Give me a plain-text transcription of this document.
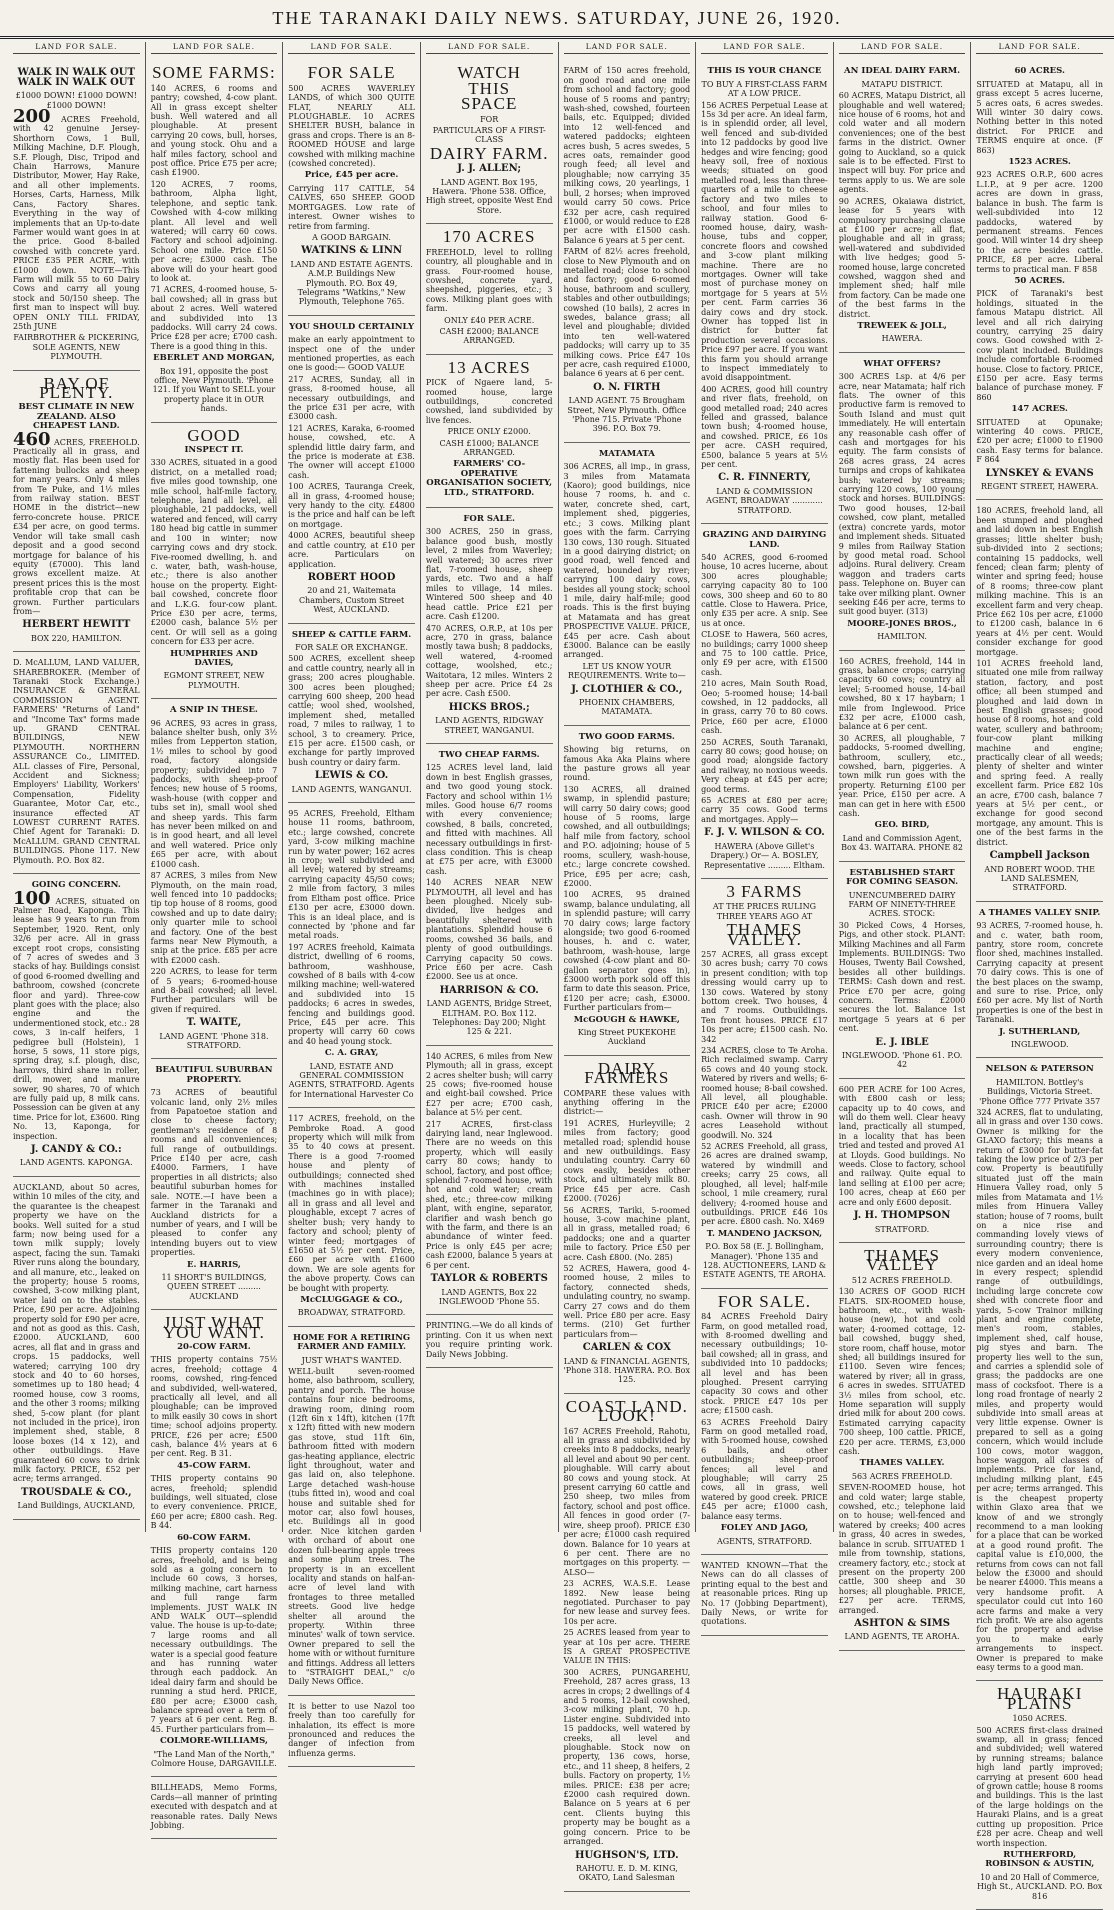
THE TARANAKI DAILY NEWS. SATURDAY, JUNE 26, 1920.
LAND FOR SALE.
WALK IN WALK OUT WALK IN WALK OUT

£1000 DOWN! £1000 DOWN! £1000 DOWN!

200 ACRES Freehold, with 42 genuine Jersey-Shorthorn Cows, 1 Bull, Milking Machine, D.F. Plough, S.F. Plough, Disc, Tripod and Chain Harrows, Manure Distributor, Mower, Hay Rake, and all other implements. Horses, Carts, Harness, Milk Cans, Factory Shares. Everything in the way of implements that an Up-to-date Farmer would want goes in at the price. Good 8-bailed cowshed with concrete yard. PRICE £35 PER ACRE, with £1000 down. NOTE—This Farm will milk 55 to 60 Dairy Cows and carry all young stock and 50/150 sheep. The first man to inspect will buy. OPEN ONLY TILL FRIDAY, 25th JUNE

FAIRBROTHER & PICKERING, SOLE AGENTS, NEW PLYMOUTH.

BAY OF PLENTY.
BEST CLIMATE IN NEW ZEALAND. ALSO CHEAPEST LAND.

460 ACRES, FREEHOLD. Practically all in grass, and mostly flat. Has been used for fattening bullocks and sheep for many years. Only 4 miles from Te Puke, and 1½ miles from railway station. BEST HOME in the district—new ferro-concrete house. PRICE £34 per acre, on good terms. Vendor will take small cash deposit and a good second mortgage for balance of his equity (£7000). This land grows excellent maize. At present prices this is the most profitable crop that can be grown. Further particulars from—

HERBERT HEWITT

BOX 220, HAMILTON.

D. McALLUM, LAND VALUER, SHAREBROKER. (Member of Taranaki Stock Exchange.) INSURANCE & GENERAL COMMISSION AGENT. FARMERS' "Returns of Land" and "Income Tax" forms made up. GRAND CENTRAL BUILDINGS, NEW PLYMOUTH. NORTHERN ASSURANCE Co., LIMITED. ALL classes of Fire, Personal, Accident and Sickness; Employers' Liability, Workers' Compensation, Fidelity Guarantee, Motor Car, etc., insurance effected AT LOWEST CURRENT RATES. Chief Agent for Taranaki: D. McALLUM. GRAND CENTRAL BUILDINGS. Phone 117. New Plymouth. P.O. Box 82.

GOING CONCERN.

100 ACRES, situated on Palmer Road, Kaponga. This lease has 9 years to run from September, 1920. Rent, only 32/6 per acre. All in grass except root crops, consisting of 7 acres of swedes and 3 stacks of hay. Buildings consist of good 6-roomed dwelling and bathroom, cowshed (concrete floor and yard). Three-cow plant goes with the place; also engine and the undermentioned stock, etc.: 28 cows, 3 in-calf heifers, 1 pedigree bull (Holstein), 1 horse, 5 sows, 11 store pigs, spring dray, s.f. plough, disc, harrows, third share in roller, drill, mower, and manure sower, 90 shares, 70 of which are fully paid up, 8 milk cans. Possession can be given at any time. Price for lot, £3600. Ring No. 13, Kaponga, for inspection.

J. CANDY & CO.:

LAND AGENTS. KAPONGA.

AUCKLAND, about 50 acres, within 10 miles of the city, and the quarantee is the cheapest property we have on the books. Well suited for a stud farm; now being used for a town milk supply; lovely aspect, facing the sun. Tamaki River runs along the boundary, and all manure, etc., leaked on the property; house 5 rooms, cowshed, 3-cow milking plant, water laid on to the stables. Price, £90 per acre. Adjoining property sold for £90 per acre, and not as good as this. Cash, £2000. AUCKLAND, 600 acres, all flat and in grass and crops. 15 paddocks, well watered; carrying 100 dry stock and 40 to 60 horses, sometimes up to 180 head; 4 roomed house, cow 3 rooms, and the other 3 rooms; milking shed, 5-cow plant (for plant not included in the price), iron implement shed, stable, 8 loose boxes (14 x 12), and other outbuildings. Have guaranteed 60 cows to drink milk factory. PRICE, £52 per acre; terms arranged.

TROUSDALE & CO.,

Land Buildings, AUCKLAND,

LAND FOR SALE.
SOME FARMS:

140 ACRES, 6 rooms and pantry; cowshed, 4-cow plant. All in grass except shelter bush. Well watered and all ploughable. At present carrying 20 cows, bull, horses, and young stock. Ohu and a half miles factory, school and post office. Price £75 per acre; cash £1900.

120 ACRES, 7 rooms, bathroom, Alpha light, telephone, and septic tank. Cowshed with 4-cow milking plant. All level and well watered; will carry 60 cows. Factory and school adjoining. School one mile. Price £150 per acre; £3000 cash. The above will do your heart good to look at.

71 ACRES, 4-roomed house, 5-bail cowshed; all in grass but about 2 acres. Well watered and subdivided into 13 paddocks. Will carry 24 cows. Price £28 per acre; £700 cash. There is a good thing in this.

EBERLET AND MORGAN,

Box 191, opposite the post office, New Plymouth. 'Phone 121. If you Want to SELL your property place it in OUR hands.

GOOD
INSPECT IT.

330 ACRES, situated in a good district, on a metalled road; five miles good township, one mile school, half-mile factory, telephone, land all level, all ploughable, 21 paddocks, well watered and fenced, will carry 180 head big cattle in summer and 100 in winter; now carrying cows and dry stock. Five-roomed dwelling, h. and c. water, bath, wash-house, etc.; there is also another house on the property. Eight-bail cowshed, concrete floor and L.K.G. four-cow plant. Price £30 per acre, terms, £2000 cash, balance 5½ per cent. Or will sell as a going concern for £33 per acre.

HUMPHRIES AND DAVIES,

EGMONT STREET, NEW PLYMOUTH.

A SNIP IN THESE.

96 ACRES, 93 acres in grass, balance shelter bush, only 3½ miles from Lepperton station, 1½ miles to school by good road, factory alongside property; subdivided into 7 paddocks, with sheep-proof fences; new house of 5 rooms, wash-house (with copper and tubs set in), small wool shed and sheep yards. This farm has never been milked on and is in good heart, and all level and well watered. Price only £65 per acre, with about £1000 cash.

87 ACRES, 3 miles from New Plymouth, on the main road, well fenced into 10 paddocks; tip top house of 8 rooms, good cowshed and up to date dairy; only quarter mile to school and factory. One of the best farms near New Plymouth, a snip at the price. £85 per acre with £2000 cash.

220 ACRES, to lease for term of 5 years; 6-roomed-house and 8-bail cowshed; all level. Further particulars will be given if required.

T. WAITE,

LAND AGENT. 'Phone 318. STRATFORD.

BEAUTIFUL SUBURBAN PROPERTY.

73 ACRES of beautiful volcanic land, only 2½ miles from Papatoetoe station and close to cheese factory; gentleman's residence of 8 rooms and all conveniences; full range of outbuildings. Price £140 per acre, cash £4000. Farmers, I have properties in all districts; also beautiful suburban homes for sale. NOTE.—I have been a farmer in the Taranaki and Auckland districts for a number of years, and I will be pleased to confer any intending buyers out to view properties.

E. HARRIS,

11 SHORT'S BUILDINGS, QUEEN STREET ......... AUCKLAND

JUST WHAT YOU WANT.
20-COW FARM.

THIS property contains 75½ acres, freehold; cottage 4 rooms, cowshed, ring-fenced and subdivided, well-watered, practically all level, and all ploughable; can be improved to milk easily 30 cows in short time; school adjoins property. PRICE, £26 per acre; £500 cash, balance 4½ years at 6 per cent. Reg. B 31.

45-COW FARM.

THIS property contains 90 acres, freehold; splendid buildings, well situated, close to every convenience. PRICE, £60 per acre; £800 cash. Reg. B 44.

60-COW FARM.

THIS property contains 120 acres, freehold, and is being sold as a going concern to include 60 cows, 3 horses, milking machine, cart harness and full range farm implements. JUST WALK IN AND WALK OUT—splendid value. The house is up-to-date; 7 large rooms and all necessary outbuildings. The water is a special good feature and has running water through each paddock. An ideal dairy farm and should be running a stud herd. PRICE, £80 per acre; £3000 cash, balance spread over a term of 7 years at 6 per cent. Reg. B. 45. Further particulars from—

COLMORE-WILLIAMS,

"The Land Man of the North," Colmore House, DARGAVILLE.

BILLHEADS, Memo Forms, Cards—all manner of printing executed with despatch and at reasonable rates. Daily News Jobbing.

LAND FOR SALE.
FOR SALE

500 ACRES WAVERLEY LANDS, of which 300 QUITE FLAT, NEARLY ALL PLOUGHABLE. 10 ACRES SHELTER BUSH, balance in grass and crops. There is an 8-ROOMED HOUSE and large cowshed with milking machine (cowshed concreted).

Price, £45 per acre.

Carrying 117 CATTLE, 54 CALVES, 650 SHEEP. GOOD MORTGAGES. Low rate of interest. Owner wishes to retire from farming.

A GOOD BARGAIN.

WATKINS & LINN

LAND AND ESTATE AGENTS. A.M.P. Buildings New Plymouth. P.O. Box 49, Telegrams "Watkins," New Plymouth, Telephone 765.

YOU SHOULD CERTAINLY

make an early appointment to inspect one of the under mentioned properties, as each one is good:— GOOD VALUE

217 ACRES, Sunday, all in grass, 8-roomed house, all necessary outbuildings, and the price £31 per acre, with £3000 cash.

121 ACRES, Karaka, 6-roomed house, cowshed, etc. A splendid little dairy farm, and the price is moderate at £38. The owner will accept £1000 cash.

100 ACRES, Tauranga Creek, all in grass, 4-roomed house; very handy to the city. £4800 is the price and half can be left on mortgage.

4000 ACRES, beautiful sheep and cattle country, at £10 per acre. Particulars on application.

ROBERT HOOD

20 and 21, Waitemata Chambers, Custom Street West, AUCKLAND.

SHEEP & CATTLE FARM.

FOR SALE OR EXCHANGE.

500 ACRES, excellent sheep and cattle country, nearly all in grass; 200 acres ploughable. 300 acres been ploughed; carrying 600 sheep, 200 head cattle; wool shed, woolshed, implement shed, metalled road, 7 miles to railway, 1 to school, 3 to creamery. Price, £15 per acre. £1500 cash, or exchange for partly improved bush country or dairy farm.

LEWIS & CO.

LAND AGENTS, WANGANUI.

95 ACRES, Freehold, Eltham house 11 rooms, bathroom, etc.; large cowshed, concrete yard, 3-cow milking machine run by water power; 162 acres in crop; well subdivided and all level; watered by streams; carrying capacity 45/50 cows; 2 mile from factory, 3 miles from Eltham post office. Price £130 per acre, £3000 down. This is an ideal place, and is connected by 'phone and far metal roads.

197 ACRES freehold, Kaimata district, dwelling of 6 rooms, bathroom, washhouse, cowshed of 8 bails with 4-cow milking machine; well-watered and subdivided into 15 paddocks; 6 acres in swedes, fencing and buildings good. Price, £45 per acre. This property will carry 60 cows and 40 head young stock.

C. A. GRAY,

LAND, ESTATE AND GENERAL COMMISSION AGENTS, STRATFORD. Agents for International Harvester Co

117 ACRES, freehold, on the Pembroke Road. A good property which will milk from 35 to 40 cows at present. There is a good 7-roomed house and plenty of outbuildings; connected shed with machines installed (machines go in with place); all in grass and all level and ploughable, except 7 acres of shelter bush; very handy to factory and school; plenty of winter feed; mortgages of £1650 at 5½ per cent. Price, £60 per acre with £1600 down. We are sole agents for the above property. Cows can be bought with property.

McCLUGGAGE & CO.,

BROADWAY, STRATFORD.

HOME FOR A RETIRING FARMER AND FAMILY.

JUST WHAT'S WANTED.

WELL-built seven-roomed home, also bathroom, scullery, pantry and porch. The house contains four nice bedrooms, drawing room, dining room (12ft 6in x 14ft), kitchen (17ft x 12ft) fitted with new modern gas stove, stud 11ft 6in, bathroom fitted with modern gas-heating appliance, electric light throughout, water and gas laid on, also telephone. Large detached wash-house (tubs fitted in), wood and coal house and suitable shed for motor car, also fowl houses, etc. Buildings all in good order. Nice kitchen garden with orchard of about one dozen full-bearing apple trees and some plum trees. The property is in an excellent locality and stands on half-an-acre of level land with frontages to three metalled streets. Good live hedge shelter all around the property. Within three minutes' walk of town service. Owner prepared to sell the home with or without furniture and fittings. Address all letters to "STRAIGHT DEAL," c/o Daily News Office.

It is better to use Nazol too freely than too carefully for inhalation, its effect is more pronounced and reduces the danger of infection from influenza germs.

LAND FOR SALE.
WATCH
THIS
SPACE

FOR

PARTICULARS OF A FIRST-CLASS

DAIRY FARM.
J. J. ALLEN;

LAND AGENT. Box 195, Hawera. 'Phone 538. Office, High street, opposite West End Store.

170 ACRES

FREEHOLD, level to rolling country, all ploughable and in grass. Four-roomed house, cowshed, concrete yard, sheepshed, piggeries, etc.; 3 cows. Milking plant goes with farm.

ONLY £40 PER ACRE.

CASH £2000; BALANCE ARRANGED.

13 ACRES

PICK of Ngaere land, 5-roomed house, large outbuildings, concreted cowshed, land subdivided by live fences.

PRICE ONLY £2000.

CASH £1000; BALANCE ARRANGED.

FARMERS' CO-OPERATIVE ORGANISATION SOCIETY, LTD., STRATFORD.
FOR SALE.

300 ACRES, 250 in grass, balance good bush, mostly level, 2 miles from Waverley; well watered; 30 acres river flat, 7-roomed house, sheep yards, etc. Two and a half miles to village, 14 miles. Wintered 500 sheep and 40 head cattle. Price £21 per acre. Cash £1200.

470 ACRES, O.R.P., at 10s per acre, 270 in grass, balance mostly tawa bush; 8 paddocks, well watered, 4-roomed cottage, woolshed, etc.; Waitotara, 12 miles. Winters 2 sheep per acre. Price £4 2s per acre. Cash £500.

HICKS BROS.;

LAND AGENTS, RIDGWAY STREET, WANGANUI.

TWO CHEAP FARMS.

125 ACRES level land, laid down in best English grasses, and two good young stock. Factory and school within 1½ miles. Good house 6/7 rooms with every convenience; cowshed, 8 bails, concreted, and fitted with machines. All necessary outbuildings in first-class condition. This is cheap at £75 per acre, with £3000 cash.

140 ACRES NEAR NEW PLYMOUTH, all level and has been ploughed. Nicely sub-divided, live hedges and beautifully sheltered with plantations. Splendid house 6 rooms, cowshed 36 bails, and plenty of good outbuildings. Carrying capacity 50 cows. Price £60 per acre. Cash £2000. See us at once.

HARRISON & CO.

LAND AGENTS, Bridge Street, ELTHAM. P.O. Box 112. Telephones: Day 200; Night 125 & 221.

140 ACRES, 6 miles from New Plymouth; all in grass, except 2 acres shelter bush; will carry 25 cows; five-roomed house and eight-bail cowshed. Price £27 per acre; £700 cash, balance at 5½ per cent.

217 ACRES, first-class dairying land, near Inglewood. There are no weeds on this property, which will easily carry 80 cows; handy to school, factory, and post office; splendid 7-roomed house, with hot and cold water; cream shed, etc.; three-cow milking plant, with engine, separator, clarifier and wash bench go with the farm, and there is an abundance of winter feed. Price is only £45 per acre; cash £2000, balance 5 years at 6 per cent.

TAYLOR & ROBERTS

LAND AGENTS, Box 22 INGLEWOOD 'Phone 55.

PRINTING.—We do all kinds of printing. Con it us when next you require printing work. Daily News Jobbing.

LAND FOR SALE.

FARM of 150 acres freehold, on good road and one mile from school and factory; good house of 5 rooms and pantry; wash-shed, cowshed, fourteen bails, etc. Equipped; divided into 12 well-fenced and watered paddocks; eighteen acres bush, 5 acres swedes, 5 acres oats, remainder good rough feed; all level and ploughable; now carrying 35 milking cows, 20 yearlings, 1 bull, 2 horses; when improved would carry 50 cows. Price £32 per acre, cash required £1000, or would reduce to £28 per acre with £1500 cash. Balance 6 years at 5 per cent.

FARM of 82½ acres freehold, close to New Plymouth and on metalled road; close to school and factory; good 6-roomed house, bathroom and scullery, stables and other outbuildings; cowshed (10 bails), 2 acres in swedes, balance grass; all level and ploughable; divided into ten well-watered paddocks; will carry up to 35 milking cows. Price £47 10s per acre, cash required £1000, balance 6 years at 6 per cent.

O. N. FIRTH

LAND AGENT. 75 Brougham Street, New Plymouth. Office 'Phone 715. Private 'Phone 396. P.O. Box 79.

MATAMATA

306 ACRES, all imp., in grass, 3 miles from Matamata (Kaoro); good buildings, nice house 7 rooms, h. and c. water, concrete shed, cart, implement shed, piggeries, etc.; 3 cows. Milking plant goes with the farm. Carrying 130 cows, 130 rough. Situated in a good dairying district; on good road, well fenced and watered, bounded by river; carrying 100 dairy cows, besides all young stock; school 1 mile, dairy half-mile; good roads. This is the first buying at Matamata and has great PROSPECTIVE VALUE. PRICE, £45 per acre. Cash about £3000. Balance can be easily arranged.

LET US KNOW YOUR REQUIREMENTS. Write to—

J. CLOTHIER & CO.,

PHOENIX CHAMBERS, MATAMATA.

TWO GOOD FARMS.

Showing big returns, on famous Aka Aka Plains where the pasture grows all year round.

130 ACRES, all drained swamp, in splendid pasture; will carry 50 dairy cows; good house of 5 rooms, large cowshed, and all outbuildings; half mile from factory, school and P.O. adjoining; house of 5 rooms, scullery, wash-house, etc.; large concrete cowshed. Price, £95 per acre; cash, £2000.

100 ACRES, 95 drained swamp, balance undulating, all in splendid pasture; will carry 70 dairy cows; large factory alongside; two good 6-roomed houses, h. and c. water, bathroom, wash-house, large cowshed (4-cow plant and 80-gallon separator goes in), £3000 worth pork sold off this farm to date this season. Price, £120 per acre; cash, £3000. Further particulars from—

McGOUGH & HAWKE,

King Street PUKEKOHE Auckland

DAIRY FARMERS

COMPARE these values with anything offering in the district:—

191 ACRES, Hurleyville; 2 miles from factory; good metalled road; splendid house and new outbuildings. Easy undulating country. Carry 60 cows easily, besides other stock, and ultimately milk 80. Price £45 per acre. Cash £2000. (7026)

56 ACRES, Tariki, 5-roomed house, 3-cow machine plant, all in grass, metalled road; 6 paddocks; one and a quarter mile to factory. Price £50 per acre. Cash £800. (No. 285)

52 ACRES, Hawera, good 4-roomed house, 2 miles to factory, connected sheds, undulating country, no swamp. Carry 27 cows and do them well. Price £80 per acre. Easy terms. (210) Get further particulars from—

CARLEN & COX

LAND & FINANCIAL AGENTS, 'Phone 318. HAWERA. P.O. Box 125.

COAST LAND. LOOK!

167 ACRES Freehold, Rahotu, all in grass and subdivided by creeks into 8 paddocks, nearly all level and about 90 per cent. ploughable. Will carry about 80 cows and young stock. At present carrying 60 cattle and 250 sheep, two miles from factory, school and post office. All fences in good order (7-wire, sheep proof). PRICE £30 per acre; £1000 cash required down. Balance for 10 years at 6 per cent. There are no mortgages on this property. —ALSO—

23 ACRES, W.A.S.E. Lease 1892. New lease being negotiated. Purchaser to pay for new lease and survey fees. 10s per acre.

25 ACRES leased from year to year at 10s per acre. THERE IS A GREAT PROSPECTIVE VALUE IN THIS:

300 ACRES, PUNGAREHU, Freehold, 287 acres grass, 13 acres in crops; 2 dwellings of 4 and 5 rooms, 12-bail cowshed, 3-cow milking plant, 70 h.p. Lister engine. Subdivided into 15 paddocks, well watered by creeks, all level and ploughable. Stock now on property, 136 cows, horse, etc., and 11 sheep, 8 heifers, 2 bulls. Factory on property, 1½ miles. PRICE: £38 per acre; £2000 cash required down. Balance on 5 years at 6 per cent. Clients buying this property may be bought as a going concern. Price to be arranged.

HUGHSON'S, LTD.

RAHOTU. E. D. M. KING, OKATO, Land Salesman

LAND FOR SALE.
THIS IS YOUR CHANCE

TO BUY A FIRST-CLASS FARM AT A LOW PRICE.

156 ACRES Perpetual Lease at 15s 3d per acre. An ideal farm, is in splendid order, all level, well fenced and sub-divided into 12 paddocks by good live hedges and wire fencing; good heavy soil, free of noxious weeds; situated on good metalled road, less than three-quarters of a mile to cheese factory and two miles to school, and four miles to railway station. Good 6-roomed house, dairy, wash-house, tubs and copper, concrete floors and cowshed and 3-cow plant milking machine. There are no mortgages. Owner will take most of purchase money on mortgage for 5 years at 5½ per cent. Farm carries 36 dairy cows and dry stock. Owner has topped list in district for butter fat production several occasions. Price £97 per acre. If you want this farm you should arrange to inspect immediately to avoid disappointment.

400 ACRES, good hill country and river flats, freehold, on good metalled road; 240 acres felled and grassed, balance town bush; 4-roomed house, and cowshed. PRICE, £6 10s per acre. CASH required, £500, balance 5 years at 5½ per cent.

C. R. FINNERTY,

LAND & COMMISSION AGENT, BROADWAY ............ STRATFORD.

GRAZING AND DAIRYING LAND.

540 ACRES, good 6-roomed house, 10 acres lucerne, about 300 acres ploughable; carrying capacity 80 to 100 cows, 300 sheep and 60 to 80 cattle. Close to Hawera. Price, only £35 per acre. A snip. See us at once.

CLOSE to Hawera, 560 acres, no buildings; carry 1000 sheep and 75 to 100 cattle. Price, only £9 per acre, with £1500 cash.

210 acres, Main South Road, Oeo; 5-roomed house; 14-bail cowshed, in 12 paddocks, all in grass, carry 70 to 80 cows. Price, £60 per acre, £1000 cash.

250 ACRES, South Taranaki, carry 80 cows; good house; on good road; alongside factory and railway, no noxious weeds. Very cheap at £45 per acre; good terms.

65 ACRES at £80 per acre; carry 35 cows. Good terms and mortgages. Apply—

F. J. V. WILSON & CO.

HAWERA (Above Gillet's Drapery.) Or— A. BOSLEY, Representative ......... Eltham.

3 FARMS

AT THE PRICES RULING THREE YEARS AGO AT

THAMES VALLEY.

257 ACRES, all grass except 30 acres bush; carry 70 cows in present condition; with top dressing would carry up to 130 cows. Watered by stony bottom creek. Two houses, 4 and 7 rooms. Outbuildings. Ten front houses. PRICE £17 10s per acre; £1500 cash. No. 342

234 ACRES, close to Te Aroha. Rich reclaimed swamp. Carry 65 cows and 40 young stock. Watered by rivers and wells; 6-roomed house; 8-bail cowshed. All level, all ploughable. PRICE £40 per acre; £2000 cash. Owner will throw in 90 acres Leasehold without goodwill. No. 324

52 ACRES Freehold, all grass, 26 acres are drained swamp, watered by windmill and creeks; carry 25 cows, all ploughed, all level; half-mile school, 1 mile creamery, rural delivery; 4-roomed house and outbuildings. PRICE £46 10s per acre. £800 cash. No. X469

T. MANDENO JACKSON,

P.O. Box 58 (E. J. Bollingham, Manager). 'Phone 135 and 128. AUCTIONEERS, LAND & ESTATE AGENTS, TE AROHA.

FOR SALE.

84 ACRES Freehold Dairy Farm, on good metalled road, with 8-roomed dwelling and necessary outbuildings; 10-bail cowshed; all in grass, and subdivided into 10 paddocks; all level and has been ploughed. Present carrying capacity 30 cows and other stock. PRICE £47 10s per acre; £1500 cash.

63 ACRES Freehold Dairy Farm on good metalled road, with 5-roomed house, cowshed 6 bails, and other outbuildings; sheep-proof fences; all level and ploughable; will carry 25 cows, all in grass, well watered by good creek. PRICE £45 per acre; £1000 cash, balance easy terms.

FOLEY AND JAGO,

AGENTS, STRATFORD.

WANTED KNOWN—That the News can do all classes of printing equal to the best and at reasonable prices. Ring up No. 17 (Jobbing Department), Daily News, or write for quotations.

LAND FOR SALE.
AN IDEAL DAIRY FARM.

MATAPU DISTRICT.

60 ACRES, Matapu District, all ploughable and well watered; nice house of 6 rooms, hot and cold water and all modern conveniences; one of the best farms in the district. Owner going to Auckland, so a quick sale is to be effected. First to inspect will buy. For price and terms apply to us. We are sole agents.

90 ACRES, Okaiawa district, lease for 5 years with compulsory purchasing clause at £100 per acre; all flat, ploughable and all in grass; well-watered and subdivided with live hedges; good 5-roomed house, large concreted cowshed, waggon shed and implement shed; half mile from factory. Can be made one of the best farms in the district.

TREWEEK & JOLL,

HAWERA.

WHAT OFFERS?

300 ACRES Lsp. at 4/6 per acre, near Matamata; half rich flats. The owner of this productive farm is removed to South Island and must quit immediately. He will entertain any reasonable cash offer of cash and mortgages for his equity. The farm consists of 268 acres grass, 24 acres turnips and crops of kahikatea bush; watered by streams; carrying 120 cows, 100 young stock and horses. BUILDINGS: Two good houses, 12-bail cowshed, cow plant, metalled (extra) concrete yards, motor and implement sheds. Situated 9 miles from Railway Station by good metal road. School adjoins. Rural delivery. Cream waggon and traders carts pass. Telephone on. Buyer can take over milking plant. Owner seeking £46 per acre, terms to suit good buyer. (313)

MOORE-JONES BROS.,

HAMILTON.

160 ACRES, freehold, 144 in grass, balance crops; carrying capacity 60 cows; country all level; 5-roomed house, 14-bail cowshed, 80 x 17 haybarn; 1 mile from Inglewood. Price £32 per acre, £1000 cash, balance at 6 per cent.

30 ACRES, all ploughable, 7 paddocks, 5-roomed dwelling, bathroom, scullery, etc., cowshed, barn, piggeries. A town milk run goes with the property. Returning £100 per year. Price, £150 per acre. A man can get in here with £500 cash.

GEO. BIRD,

Land and Commission Agent, Box 43. WAITARA. PHONE 82

ESTABLISHED START FOR COMING SEASON.

UNENCUMBERED DAIRY FARM OF NINETY-THREE ACRES. STOCK:

30 Picked Cows, 4 Horses, Pigs, and other stock. PLANT: Milking Machines and all Farm Implements. BUILDINGS: Two Houses, Twenty Bail Cowshed, besides all other buildings. TERMS: Cash down and rest. Price £70 per acre, going concern. Terms: £2000 secures the lot. Balance 1st mortgage 5 years at 6 per cent.

E. J. IBLE

INGLEWOOD. 'Phone 61. P.O. 42

600 PER ACRE for 100 Acres, with £800 cash or less; capacity up to 40 cows, and will do them well. Clear heavy land, practically all stumped, in a locality that has been tried and tested and proved A1 at Lloyds. Good buildings. No weeds. Close to factory, school and railway. Quite equal to land selling at £100 per acre; 100 acres, cheap at £60 per acre and only £600 deposit.

J. H. THOMPSON

STRATFORD.

THAMES VALLEY

512 ACRES FREEHOLD.

130 ACRES OF GOOD RICH FLATS. SIX-ROOMED house, bathroom, etc., with wash-house (new), hot and cold water; 4-roomed cottage, 12-bail cowshed, buggy shed, store room, chaff house, motor shed; all buildings insured for £1100. Seven wire fences; watered by river; all in grass, 6 acres in swedes. SITUATED 3½ miles from school, etc. Home separation will supply dried milk for about 200 cows. Estimated carrying capacity 700 sheep, 100 cattle. PRICE, £20 per acre. TERMS, £3,000 cash.

THAMES VALLEY.

563 ACRES FREEHOLD.

SEVEN-ROOMED house, hot and cold water; large stable, cowshed, etc.; telephone laid on to house; well-fenced and watered by creeks; 400 acres in grass, 40 acres in swedes, balance in scrub. SITUATED 1 mile from township, stations, creamery factory, etc.; stock at present on the property 200 cattle, 300 sheep and 30 horses; all ploughable. PRICE, £27 per acre. TERMS, arranged.

ASHTON & SIMS

LAND AGENTS, TE AROHA.

LAND FOR SALE.
60 ACRES.

SITUATED at Matapu, all in grass except 5 acres lucerne, 5 acres oats, 6 acres swedes. Will winter 30 dairy cows. Nothing better in this noted district. For PRICE and TERMS enquire at once. (F 863)

1523 ACRES.

923 ACRES O.R.P., 600 acres L.I.P., at 9 per acre. 1200 acres are down in grass, balance in bush. The farm is well-subdivided into 12 paddocks, watered by permanent streams. Fences good. Will winter 14 dry sheep to the acre besides cattle. PRICE, £8 per acre. Liberal terms to practical man. F 858

50 ACRES.

PICK of Taranaki's best holdings, situated in the famous Matapu district. All level and all rich dairying country, carrying 25 dairy cows. Good cowshed with 2-cow plant included. Buildings include comfortable 6-roomed house. Close to factory. PRICE, £150 per acre. Easy terms balance of purchase money. F 860

147 ACRES.

SITUATED at Opunake; wintering 40 cows. PRICE, £20 per acre; £1000 to £1900 cash. Easy terms for balance. F 864

LYNSKEY & EVANS

REGENT STREET, HAWERA.

180 ACRES, freehold land, all been stumped and ploughed and laid down in best English grasses; little shelter bush; sub-divided into 2 sections; containing 15 paddocks, well fenced; clean farm; plenty of winter and spring feed; house of 8 rooms; three-cow plant milking machine. This is an excellent farm and very cheap. Price £62 10s per acre, £1000 to £1200 cash, balance in 6 years at 4½ per cent. Would consider exchange for good mortgage.

101 ACRES freehold land, situated one mile from railway station, factory, and post office; all been stumped and ploughed and laid down in best English grasses; good house of 8 rooms, hot and cold water, scullery and bathroom; four-cow plant milking machine and engine; practically clear of all weeds; plenty of shelter and winter and spring feed. A really excellent farm. Price £82 10s an acre, £700 cash, balance 7 years at 5½ per cent., or exchange for good second mortgage, any amount. This is one of the best farms in the district.

Campbell Jackson

AND ROBERT WOOD. THE LAND SALESMEN, STRATFORD.

A THAMES VALLEY SNIP.

93 ACRES, 7-roomed house, h. and c. water, bath room, pantry, store room, concrete floor shed, machines installed. Carrying capacity at present 70 dairy cows. This is one of the best places on the swamp, and sure to rise. Price, only £60 per acre. My list of North properties is one of the best in Taranaki.

J. SUTHERLAND,

INGLEWOOD.

NELSON & PATERSON

HAMILTON. Bottley's Buildings, Victoria Street. 'Phone Office 777 Private 357

324 ACRES, flat to undulating, all in grass and over 130 cows. Owner is milking for the GLAXO factory; this means a return of £3000 for butter-fat taking the low price of 2/3 per cow. Property is beautifully situated just off the main Hinuera Valley road, only 5 miles from Matamata and 1½ miles from Hinuera Valley station; house of 7 rooms, built on a nice rise and commanding lovely views of surrounding country; there is every modern convenience, nice garden and an ideal home in every respect; splendid range of outbuildings, including large concrete cow shed with concrete floor and yards, 5-cow Trainor milking plant and engine complete, men's room, stables, implement shed, calf house, pig styes and barn. The property lies well to the sun, and carries a splendid sole of grass; the paddocks are one mass of cocksfoot. There is a long road frontage of nearly 2 miles, and property would subdivide into small areas at very little expense. Owner is prepared to sell as a going concern, which would include 100 cows, motor waggon, horse waggon, all classes of implements. Price for land, including milking plant, £45 per acre; terms arranged. This is the cheapest property within Glaxo area that we know of and we strongly recommend to a man looking for a place that can be worked at a good round profit. The capital value is £10,000, the returns from cows can not fall below the £3000 and should be nearer £4000. This means a very handsome profit. A speculator could cut into 160 acre farms and make a very rich profit. We are also agents for the property and advise you to make early arrangements to inspect. Owner is prepared to make easy terms to a good man.

HAURAKI PLAINS

1050 ACRES.

500 ACRES first-class drained swamp, all in grass; fenced and subdivided; well watered by running streams; balance high land partly improved; carrying at present 600 head of grown cattle; house 8 rooms and buildings. This is the last of the large holdings on the Hauraki Plains, and is a great cutting up proposition. Price £28 per acre. Cheap and well worth inspection.

RUTHERFORD, ROBINSON & AUSTIN,

10 and 20 Hall of Commerce, High St., AUCKLAND. P.O. Box 816
